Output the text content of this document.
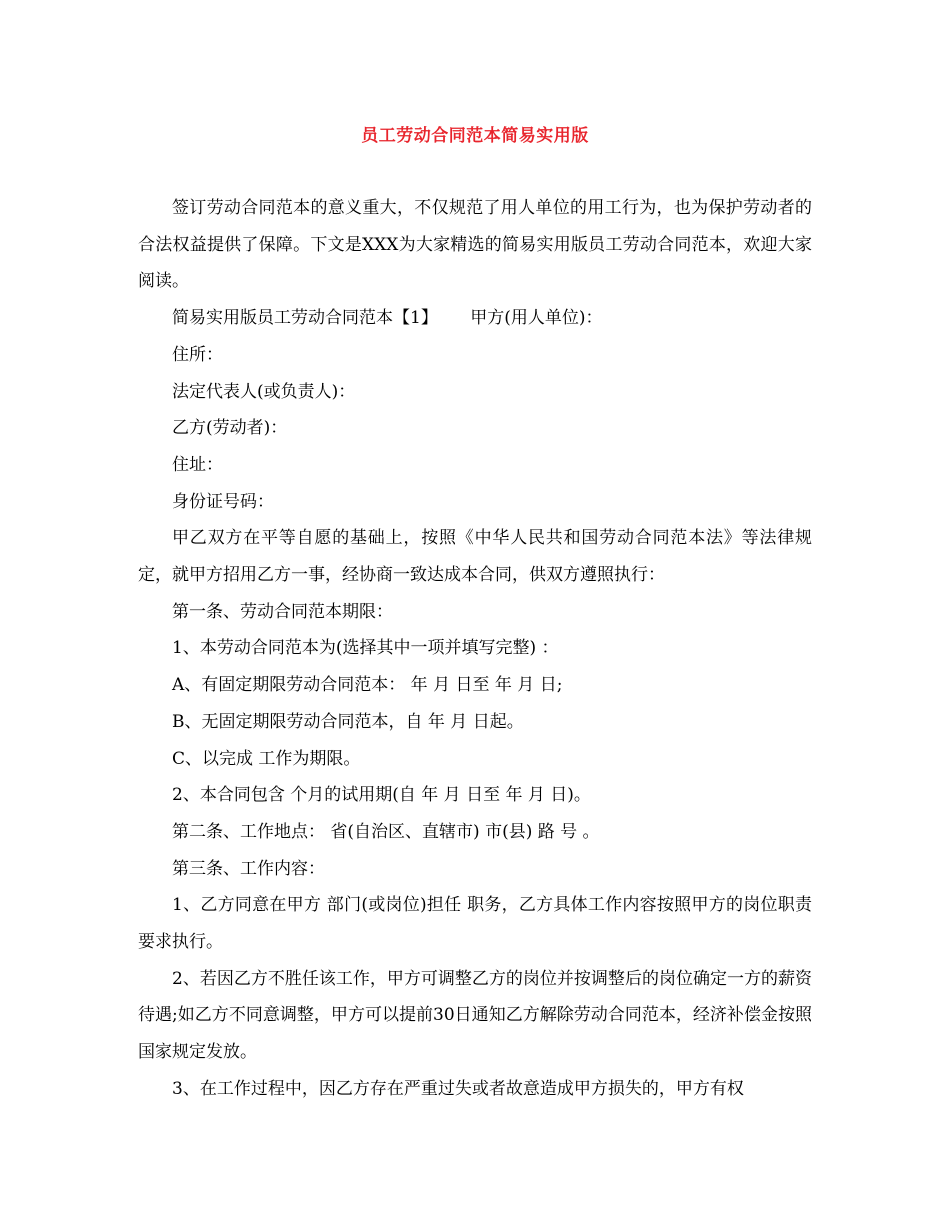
员工劳动合同范本简易实用版

签订劳动合同范本的意义重大，不仅规范了用人单位的用工行为，也为保护劳动者的合法权益提供了保障。下文是XXX为大家精选的简易实用版员工劳动合同范本，欢迎大家阅读。

简易实用版员工劳动合同范本【1】      甲方(用人单位)：

住所：

法定代表人(或负责人)：

乙方(劳动者)：

住址：

身份证号码：

甲乙双方在平等自愿的基础上，按照《中华人民共和国劳动合同范本法》等法律规定，就甲方招用乙方一事，经协商一致达成本合同，供双方遵照执行：

第一条、劳动合同范本期限：

1、本劳动合同范本为(选择其中一项并填写完整) ：

A、有固定期限劳动合同范本： 年 月 日至 年 月 日;

B、无固定期限劳动合同范本，自 年 月 日起。

C、以完成 工作为期限。

2、本合同包含 个月的试用期(自 年 月 日至 年 月 日)。

第二条、工作地点： 省(自治区、直辖市) 市(县) 路 号 。

第三条、工作内容：

1、乙方同意在甲方 部门(或岗位)担任 职务，乙方具体工作内容按照甲方的岗位职责要求执行。

2、若因乙方不胜任该工作，甲方可调整乙方的岗位并按调整后的岗位确定一方的薪资待遇;如乙方不同意调整，甲方可以提前30日通知乙方解除劳动合同范本，经济补偿金按照国家规定发放。

3、在工作过程中，因乙方存在严重过失或者故意造成甲方损失的，甲方有权
